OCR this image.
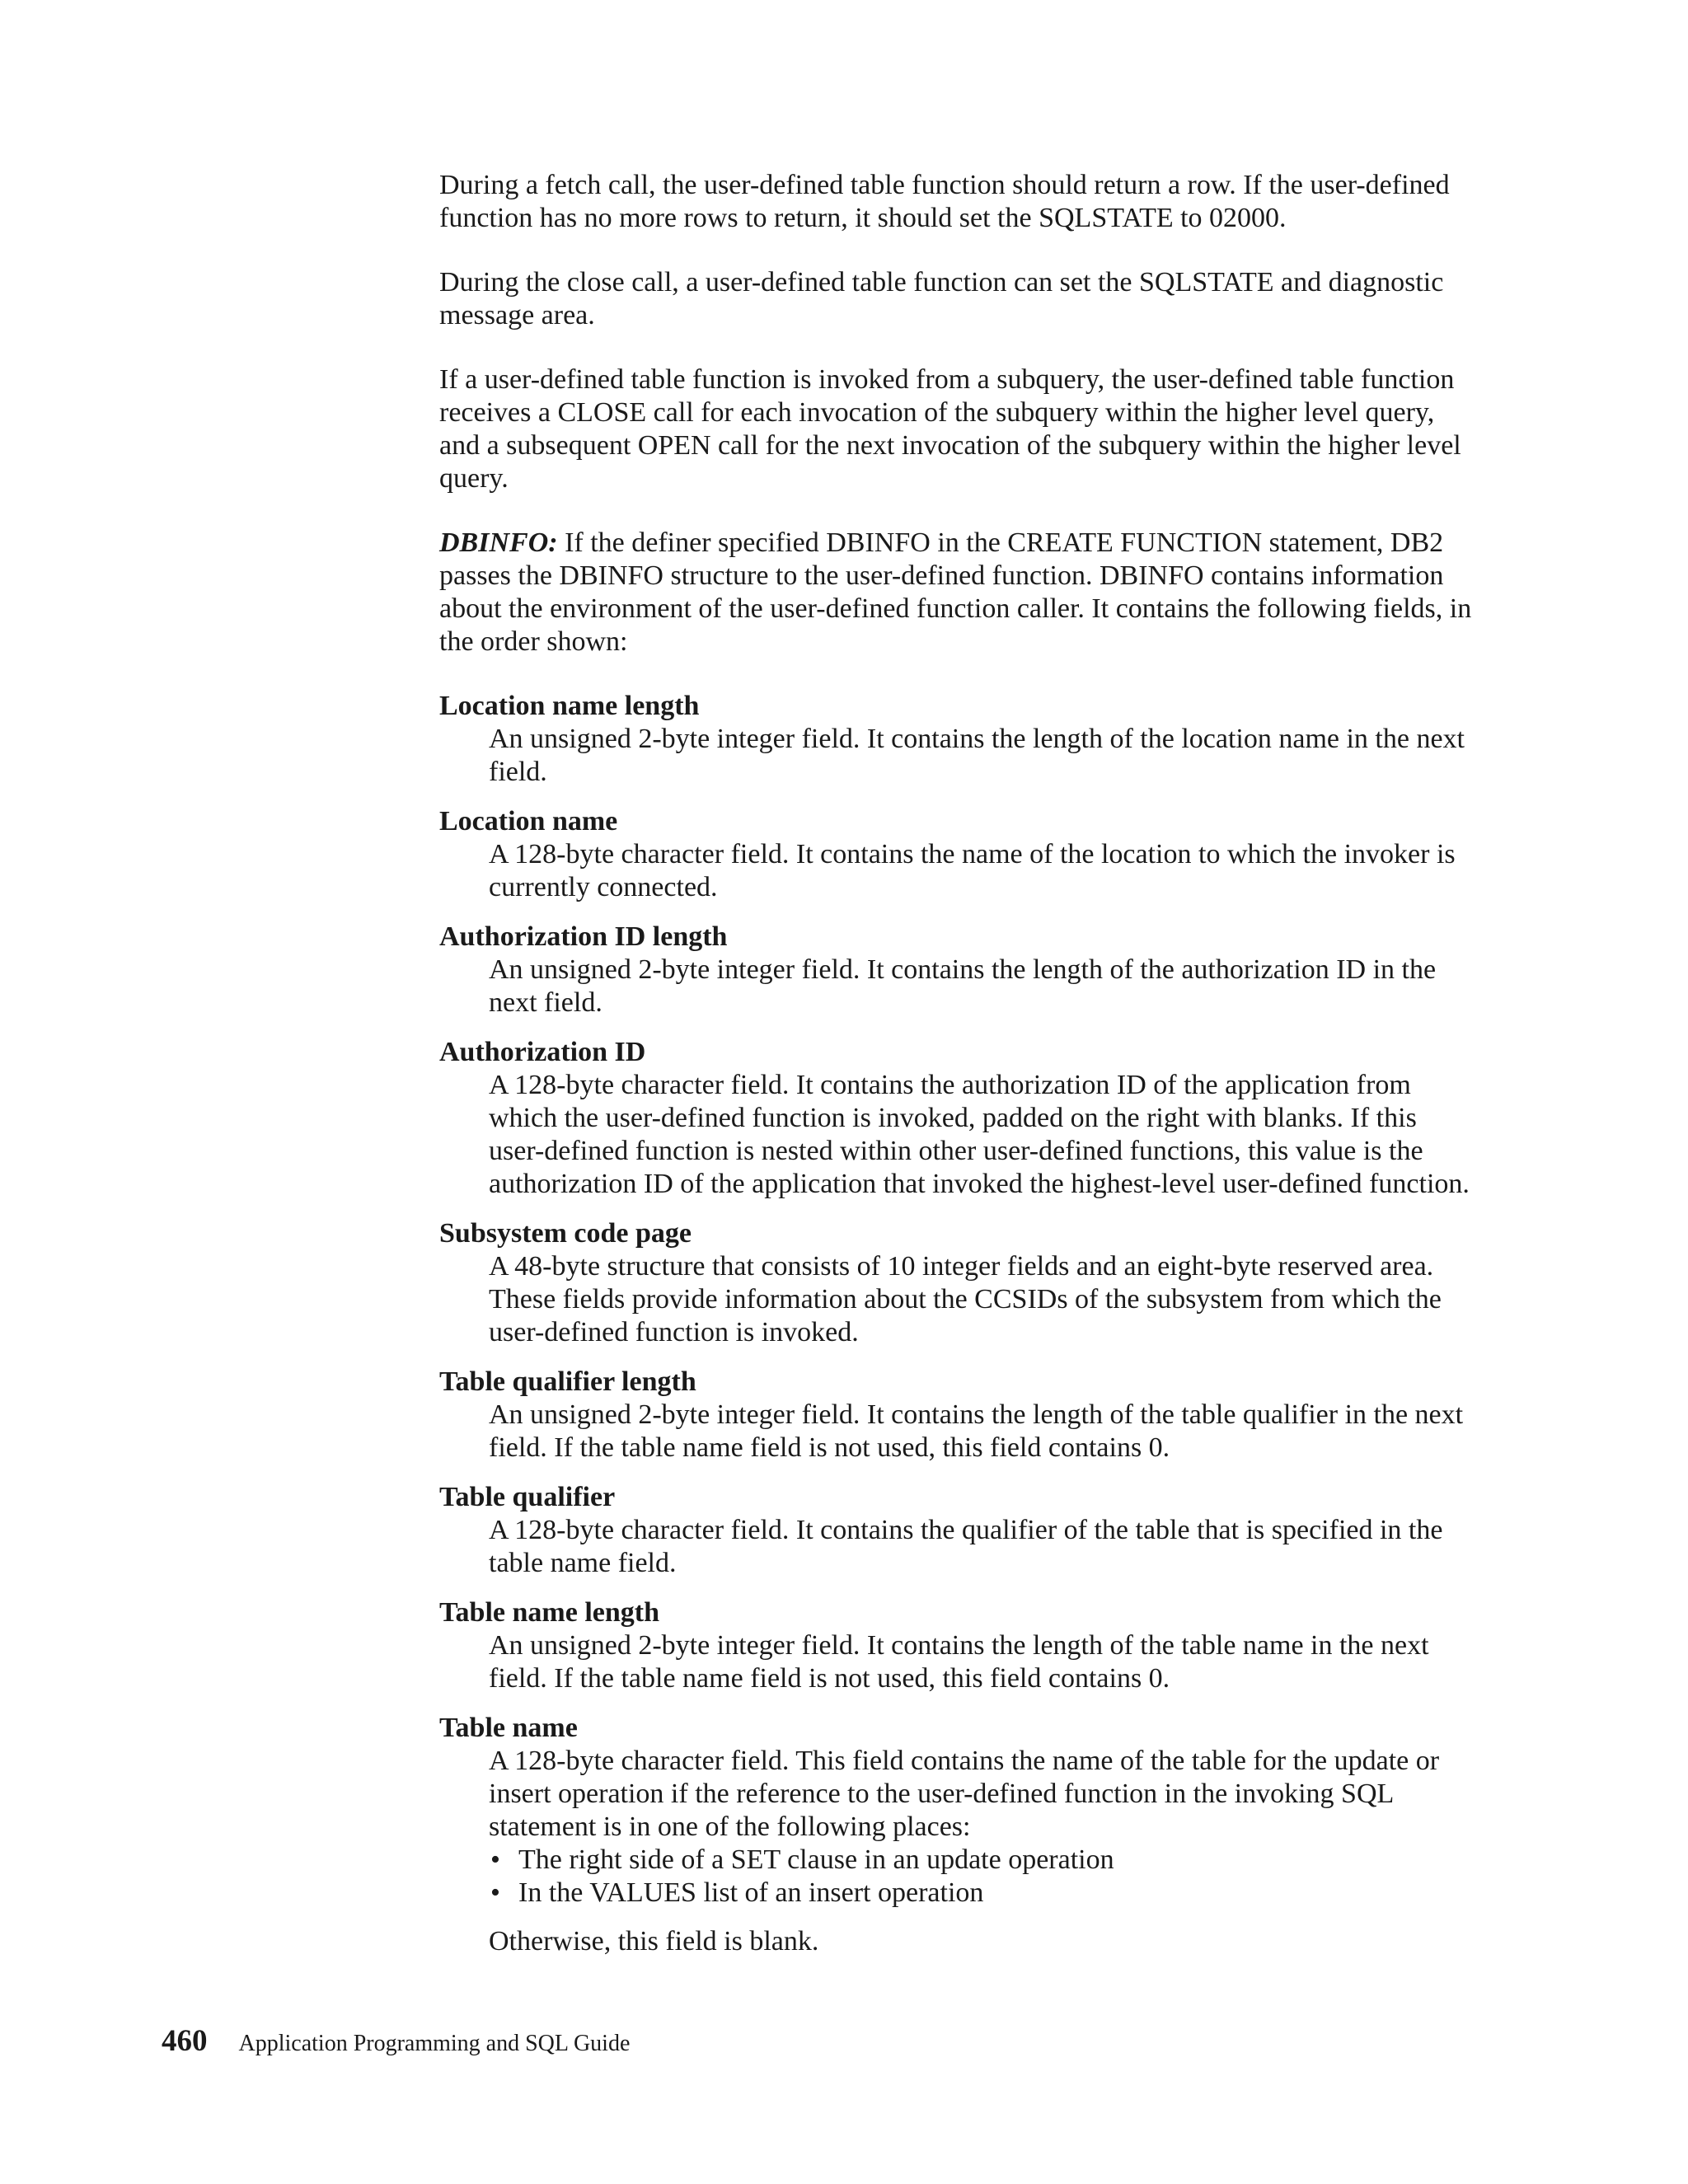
During a fetch call, the user-defined table function should return a row. If the user-defined function has no more rows to return, it should set the SQLSTATE to 02000.

During the close call, a user-defined table function can set the SQLSTATE and diagnostic message area.

If a user-defined table function is invoked from a subquery, the user-defined table function receives a CLOSE call for each invocation of the subquery within the higher level query, and a subsequent OPEN call for the next invocation of the subquery within the higher level query.

DBINFO: If the definer specified DBINFO in the CREATE FUNCTION statement, DB2 passes the DBINFO structure to the user-defined function. DBINFO contains information about the environment of the user-defined function caller. It contains the following fields, in the order shown:

Location name length
An unsigned 2-byte integer field. It contains the length of the location name in the next field.
Location name
A 128-byte character field. It contains the name of the location to which the invoker is currently connected.
Authorization ID length
An unsigned 2-byte integer field. It contains the length of the authorization ID in the next field.
Authorization ID
A 128-byte character field. It contains the authorization ID of the application from which the user-defined function is invoked, padded on the right with blanks. If this user-defined function is nested within other user-defined functions, this value is the authorization ID of the application that invoked the highest-level user-defined function.
Subsystem code page
A 48-byte structure that consists of 10 integer fields and an eight-byte reserved area. These fields provide information about the CCSIDs of the subsystem from which the user-defined function is invoked.
Table qualifier length
An unsigned 2-byte integer field. It contains the length of the table qualifier in the next field. If the table name field is not used, this field contains 0.
Table qualifier
A 128-byte character field. It contains the qualifier of the table that is specified in the table name field.
Table name length
An unsigned 2-byte integer field. It contains the length of the table name in the next field. If the table name field is not used, this field contains 0.
Table name
A 128-byte character field. This field contains the name of the table for the update or insert operation if the reference to the user-defined function in the invoking SQL statement is in one of the following places:
• The right side of a SET clause in an update operation
• In the VALUES list of an insert operation
Otherwise, this field is blank.
460 Application Programming and SQL Guide
